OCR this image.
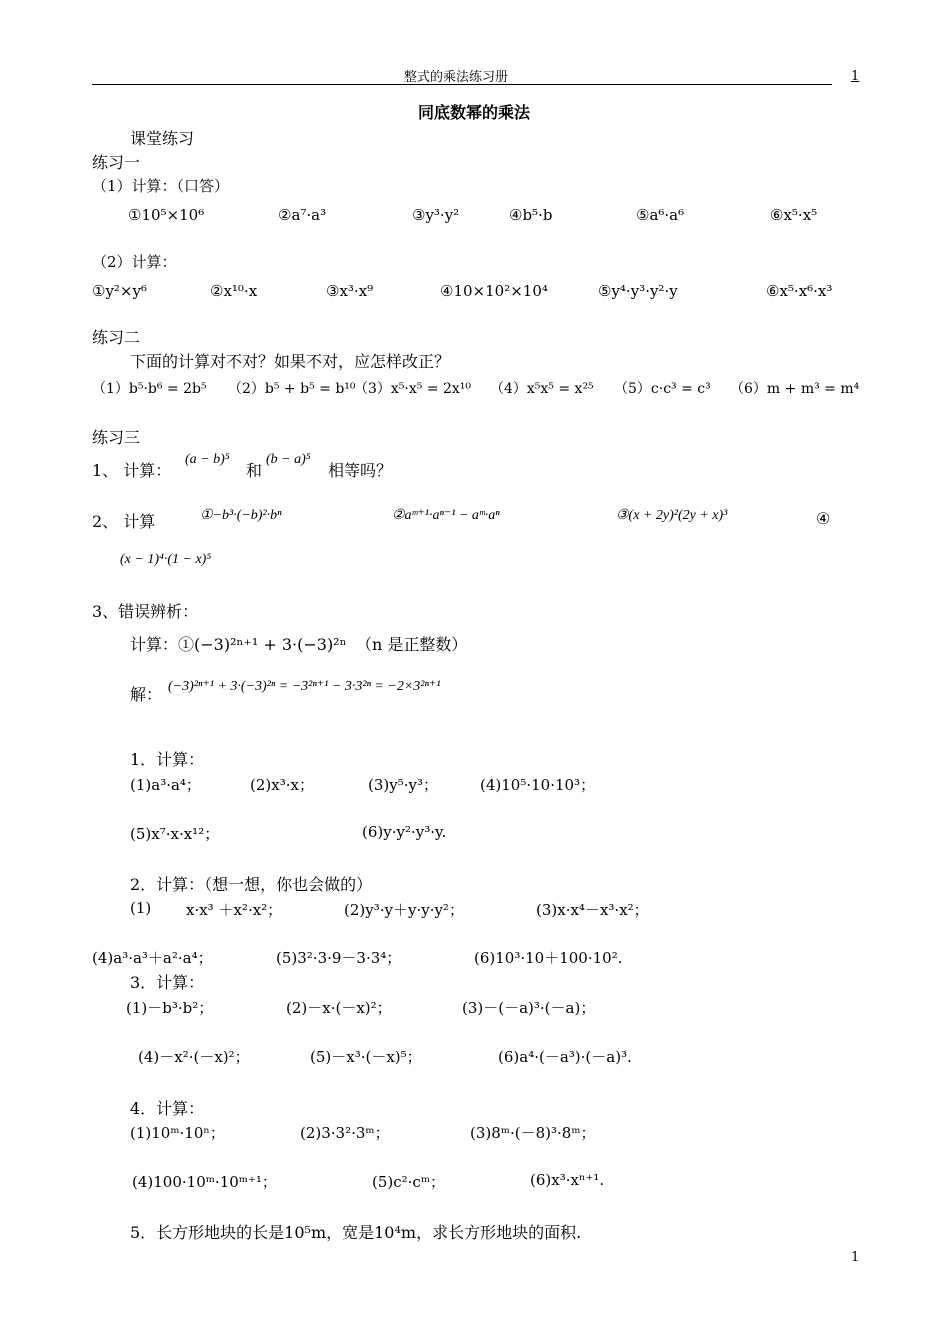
整式的乘法练习册	1
同底数幂的乘法
课堂练习
练习一
（1）计算：（口答）
①10⁵×10⁶	②a⁷·a³	③y³·y²	④b⁵·b	⑤a⁶·a⁶	⑥x⁵·x⁵
（2）计算：
①y²×y⁶	②x¹⁰·x	③x³·x⁹	④10×10²×10⁴	⑤y⁴·y³·y²·y	⑥x⁵·x⁶·x³
练习二
下面的计算对不对？如果不对，应怎样改正？
（1）b⁵·b⁶ = 2b⁵ （2）b⁵ + b⁵ = b¹⁰
（3）x⁵·x⁵ = 2x¹⁰ （4）x⁵x⁵ = x²⁵ （5）c·c³ = c³ （6）m + m³ = m⁴
练习三
1、 计算：
(a − b)⁵
和
(b − a)⁵
相等吗？
2、 计算	①−b³·(−b)²·bⁿ	②aᵐ⁺¹·aⁿ⁻¹ − aᵐ·aⁿ	③(x + 2y)²(2y + x)³	④
(x − 1)⁴·(1 − x)⁵
3、错误辨析：
计算：①(−3)²ⁿ⁺¹ + 3·(−3)²ⁿ （n 是正整数）
解： (−3)²ⁿ⁺¹ + 3·(−3)²ⁿ = −3²ⁿ⁺¹ − 3·3²ⁿ = −2×3²ⁿ⁺¹
1．计算：
(1)a³·a⁴；	(2)x³·x；	(3)y⁵·y³；	(4)10⁵·10·10³；
(5)x⁷·x·x¹²；	(6)y·y²·y³·y.
2．计算：（想一想，你也会做的）
(1) x·x³ ＋x²·x²；	(2)y³·y＋y·y·y²；	(3)x·x⁴－x³·x²；
(4)a³·a³＋a²·a⁴；	(5)3²·3·9－3·3⁴；	(6)10³·10＋100·10².
3．计算：
(1)－b³·b²；	(2)－x·(－x)²；	(3)－(－a)³·(－a)；
(4)－x²·(－x)²；	(5)－x³·(－x)⁵；	(6)a⁴·(－a³)·(－a)³.
4．计算：
(1)10ᵐ·10ⁿ；	(2)3·3²·3ᵐ；	(3)8ᵐ·(－8)³·8ᵐ；
(4)100·10ᵐ·10ᵐ⁺¹；	(5)c²·cᵐ；	(6)x³·xⁿ⁺¹.
5．长方形地块的长是10⁵m，宽是10⁴m，求长方形地块的面积.
1
